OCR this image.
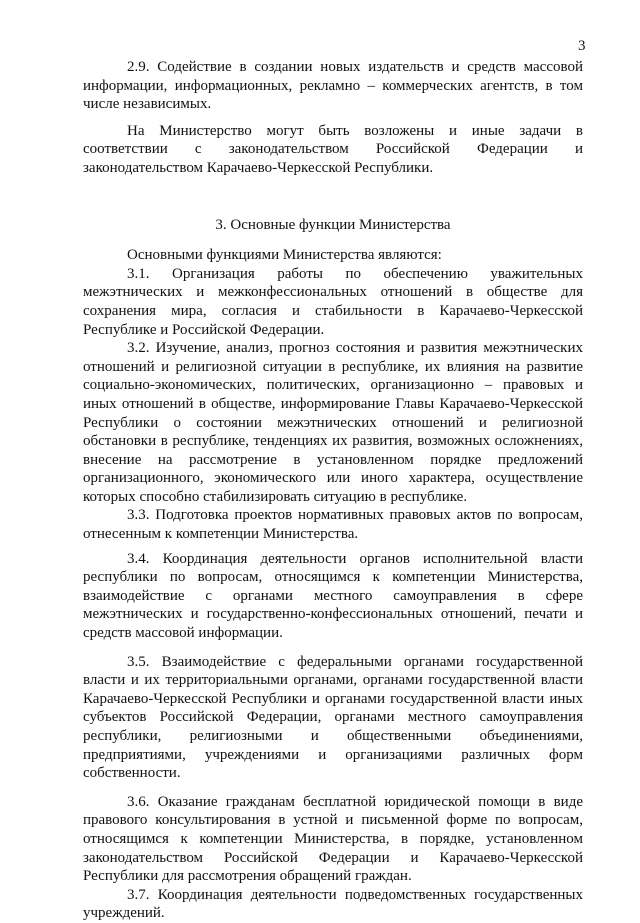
3

2.9. Содействие в создании новых издательств и средств массовой информации, информационных, рекламно – коммерческих агентств, в том числе независимых.

На Министерство могут быть возложены и иные задачи в соответствии с законодательством Российской Федерации и законодательством Карачаево-Черкесской Республики.

3. Основные функции Министерства

Основными функциями Министерства являются:

3.1. Организация работы по обеспечению уважительных межэтнических и межконфессиональных отношений в обществе для сохранения мира, согласия и стабильности в Карачаево-Черкесской Республике и Российской Федерации.

3.2. Изучение, анализ, прогноз состояния и развития межэтнических отношений и религиозной ситуации в республике, их влияния на развитие социально-экономических, политических, организационно – правовых и иных отношений в обществе, информирование Главы Карачаево-Черкесской Республики о состоянии межэтнических отношений и религиозной обстановки в республике, тенденциях их развития, возможных осложнениях, внесение на рассмотрение в установленном порядке предложений организационного, экономического или иного характера, осуществление которых способно стабилизировать ситуацию в республике.

3.3. Подготовка проектов нормативных правовых актов по вопросам, отнесенным к компетенции Министерства.

3.4. Координация деятельности органов исполнительной власти республики по вопросам, относящимся к компетенции Министерства, взаимодействие с органами местного самоуправления в сфере межэтнических и государственно-конфессиональных отношений, печати и средств массовой информации.

3.5. Взаимодействие с федеральными органами государственной власти и их территориальными органами, органами государственной власти Карачаево-Черкесской Республики и органами государственной власти иных субъектов Российской Федерации, органами местного самоуправления республики, религиозными и общественными объединениями, предприятиями, учреждениями и организациями различных форм собственности.

3.6. Оказание гражданам бесплатной юридической помощи в виде правового консультирования в устной и письменной форме по вопросам, относящимся к компетенции Министерства, в порядке, установленном законодательством Российской Федерации и Карачаево-Черкесской Республики для рассмотрения обращений граждан.

3.7. Координация деятельности подведомственных государственных учреждений.
